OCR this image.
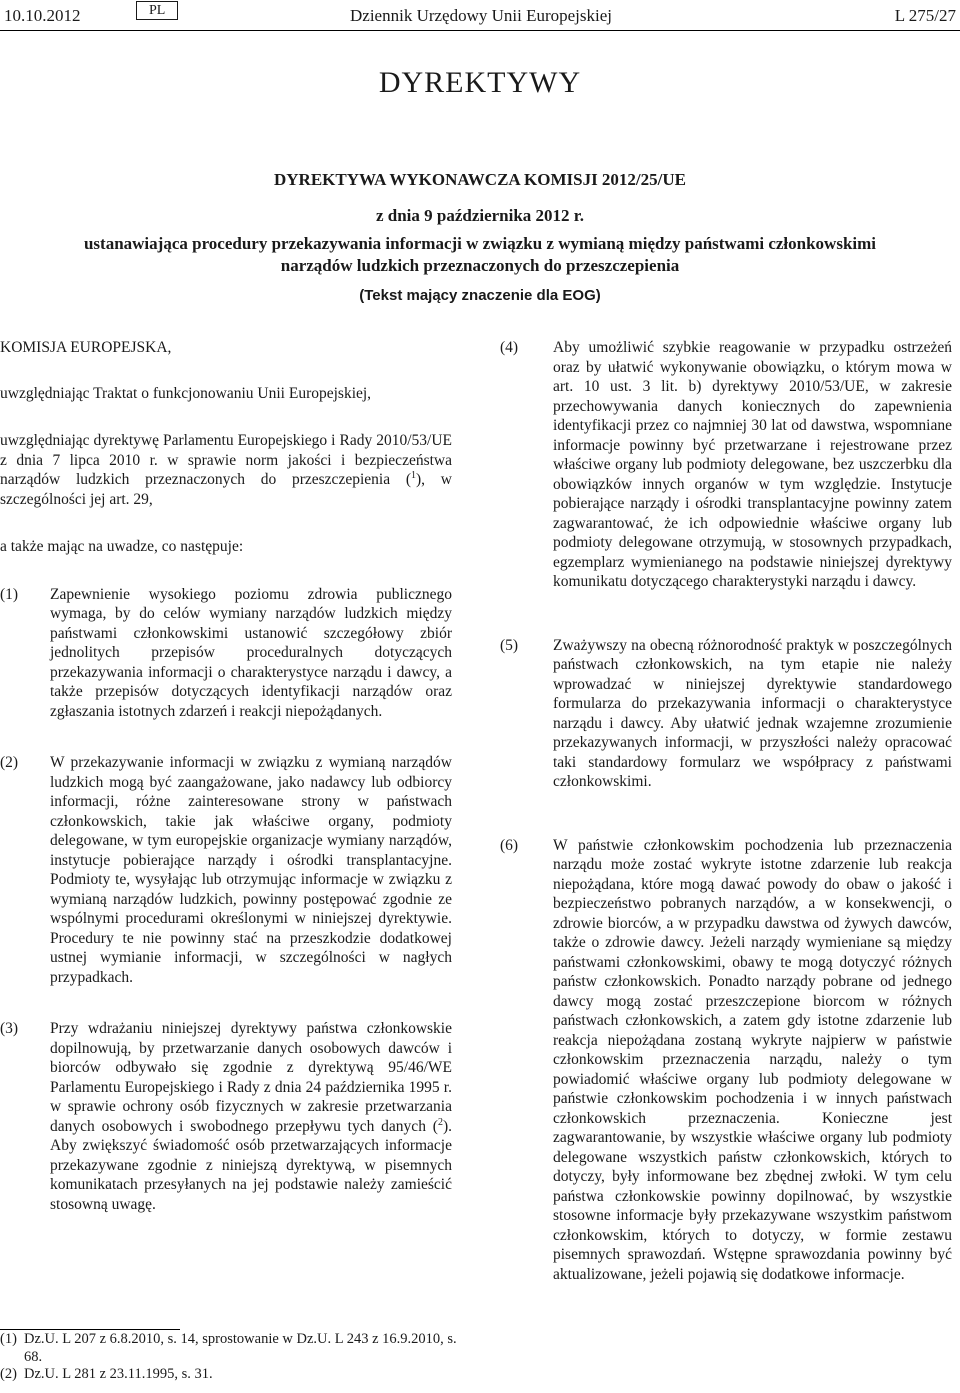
10.10.2012	PL	Dziennik Urzędowy Unii Europejskiej	L 275/27
DYREKTYWY
DYREKTYWA WYKONAWCZA KOMISJI 2012/25/UE
z dnia 9 października 2012 r.
ustanawiająca procedury przekazywania informacji w związku z wymianą między państwami członkowskimi narządów ludzkich przeznaczonych do przeszczepienia
(Tekst mający znaczenie dla EOG)

KOMISJA EUROPEJSKA,

uwzględniając Traktat o funkcjonowaniu Unii Europejskiej,

uwzględniając dyrektywę Parlamentu Europejskiego i Rady 2010/53/UE z dnia 7 lipca 2010 r. w sprawie norm jakości i bezpieczeństwa narządów ludzkich przeznaczonych do przeszczepienia ($^1$), w szczególności jej art. 29,

a także mając na uwadze, co następuje:

(1)	Zapewnienie wysokiego poziomu zdrowia publicznego wymaga, by do celów wymiany narządów ludzkich między państwami członkowskimi ustanowić szczegółowy zbiór jednolitych przepisów proceduralnych dotyczących przekazywania informacji o charakterystyce narządu i dawcy, a także przepisów dotyczących identyfikacji narządów oraz zgłaszania istotnych zdarzeń i reakcji niepożądanych.
(2)	W przekazywanie informacji w związku z wymianą narządów ludzkich mogą być zaangażowane, jako nadawcy lub odbiorcy informacji, różne zainteresowane strony w państwach członkowskich, takie jak właściwe organy, podmioty delegowane, w tym europejskie organizacje wymiany narządów, instytucje pobierające narządy i ośrodki transplantacyjne. Podmioty te, wysyłając lub otrzymując informacje w związku z wymianą narządów ludzkich, powinny postępować zgodnie ze wspólnymi procedurami określonymi w niniejszej dyrektywie. Procedury te nie powinny stać na przeszkodzie dodatkowej ustnej wymianie informacji, w szczególności w nagłych przypadkach.
(3)	Przy wdrażaniu niniejszej dyrektywy państwa członkowskie dopilnowują, by przetwarzanie danych osobowych dawców i biorców odbywało się zgodnie z dyrektywą 95/46/WE Parlamentu Europejskiego i Rady z dnia 24 października 1995 r. w sprawie ochrony osób fizycznych w zakresie przetwarzania danych osobowych i swobodnego przepływu tych danych ($^2$). Aby zwiększyć świadomość osób przetwarzających informacje przekazywane zgodnie z niniejszą dyrektywą, w pisemnych komunikatach przesyłanych na jej podstawie należy zamieścić stosowną uwagę.
(4)	Aby umożliwić szybkie reagowanie w przypadku ostrzeżeń oraz by ułatwić wykonywanie obowiązku, o którym mowa w art. 10 ust. 3 lit. b) dyrektywy 2010/53/UE, w zakresie przechowywania danych koniecznych do zapewnienia identyfikacji przez co najmniej 30 lat od dawstwa, wspomniane informacje powinny być przetwarzane i rejestrowane przez właściwe organy lub podmioty delegowane, bez uszczerbku dla obowiązków innych organów w tym względzie. Instytucje pobierające narządy i ośrodki transplantacyjne powinny zatem zagwarantować, że ich odpowiednie właściwe organy lub podmioty delegowane otrzymują, w stosownych przypadkach, egzemplarz wymienianego na podstawie niniejszej dyrektywy komunikatu dotyczącego charakterystyki narządu i dawcy.
(5)	Zważywszy na obecną różnorodność praktyk w poszczególnych państwach członkowskich, na tym etapie nie należy wprowadzać w niniejszej dyrektywie standardowego formularza do przekazywania informacji o charakterystyce narządu i dawcy. Aby ułatwić jednak wzajemne zrozumienie przekazywanych informacji, w przyszłości należy opracować taki standardowy formularz we współpracy z państwami członkowskimi.
(6)	W państwie członkowskim pochodzenia lub przeznaczenia narządu może zostać wykryte istotne zdarzenie lub reakcja niepożądana, które mogą dawać powody do obaw o jakość i bezpieczeństwo pobranych narządów, a w konsekwencji, o zdrowie biorców, a w przypadku dawstwa od żywych dawców, także o zdrowie dawcy. Jeżeli narządy wymieniane są między państwami członkowskimi, obawy te mogą dotyczyć różnych państw członkowskich. Ponadto narządy pobrane od jednego dawcy mogą zostać przeszczepione biorcom w różnych państwach członkowskich, a zatem gdy istotne zdarzenie lub reakcja niepożądana zostaną wykryte najpierw w państwie członkowskim przeznaczenia narządu, należy o tym powiadomić właściwe organy lub podmioty delegowane w państwie członkowskim pochodzenia i w innych państwach członkowskich przeznaczenia. Konieczne jest zagwarantowanie, by wszystkie właściwe organy lub podmioty delegowane wszystkich państw członkowskich, których to dotyczy, były informowane bez zbędnej zwłoki. W tym celu państwa członkowskie powinny dopilnować, by wszystkie stosowne informacje były przekazywane wszystkim państwom członkowskim, których to dotyczy, w formie zestawu pisemnych sprawozdań. Wstępne sprawozdania powinny być aktualizowane, jeżeli pojawią się dodatkowe informacje.
(1) Dz.U. L 207 z 6.8.2010, s. 14, sprostowanie w Dz.U. L 243 z 16.9.2010, s. 68.
(2) Dz.U. L 281 z 23.11.1995, s. 31.
